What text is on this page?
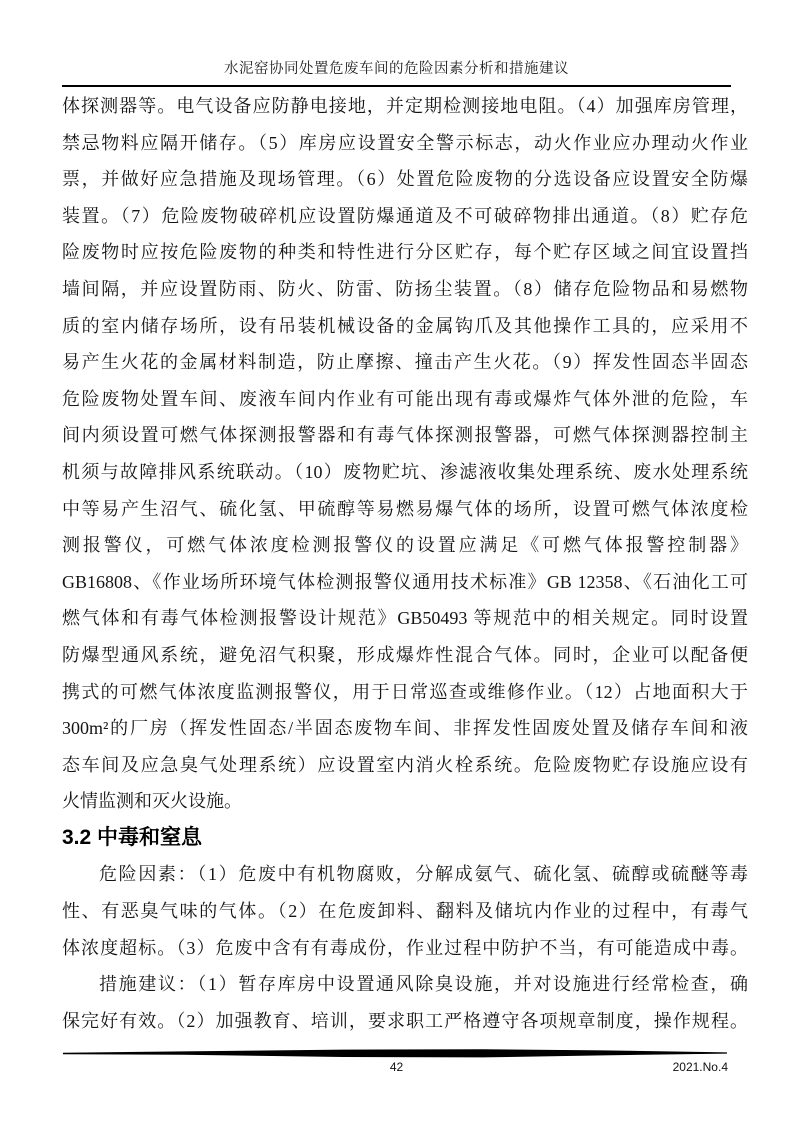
水泥窑协同处置危废车间的危险因素分析和措施建议
体探测器等。电气设备应防静电接地，并定期检测接地电阻。（4）加强库房管理，
禁忌物料应隔开储存。（5）库房应设置安全警示标志，动火作业应办理动火作业
票，并做好应急措施及现场管理。（6）处置危险废物的分选设备应设置安全防爆
装置。（7）危险废物破碎机应设置防爆通道及不可破碎物排出通道。（8）贮存危
险废物时应按危险废物的种类和特性进行分区贮存，每个贮存区域之间宜设置挡
墙间隔，并应设置防雨、防火、防雷、防扬尘装置。（8）储存危险物品和易燃物
质的室内储存场所，设有吊装机械设备的金属钩爪及其他操作工具的，应采用不
易产生火花的金属材料制造，防止摩擦、撞击产生火花。（9）挥发性固态半固态
危险废物处置车间、废液车间内作业有可能出现有毒或爆炸气体外泄的危险，车
间内须设置可燃气体探测报警器和有毒气体探测报警器，可燃气体探测器控制主
机须与故障排风系统联动。（10）废物贮坑、渗滤液收集处理系统、废水处理系统
中等易产生沼气、硫化氢、甲硫醇等易燃易爆气体的场所，设置可燃气体浓度检
测报警仪，可燃气体浓度检测报警仪的设置应满足《可燃气体报警控制器》
GB16808、《作业场所环境气体检测报警仪通用技术标准》GB 12358、《石油化工可
燃气体和有毒气体检测报警设计规范》GB50493 等规范中的相关规定。同时设置
防爆型通风系统，避免沼气积聚，形成爆炸性混合气体。同时，企业可以配备便
携式的可燃气体浓度监测报警仪，用于日常巡查或维修作业。（12）占地面积大于
300m²的厂房（挥发性固态/半固态废物车间、非挥发性固废处置及储存车间和液
态车间及应急臭气处理系统）应设置室内消火栓系统。危险废物贮存设施应设有
火情监测和灭火设施。
3.2 中毒和窒息
危险因素：（1）危废中有机物腐败，分解成氨气、硫化氢、硫醇或硫醚等毒
性、有恶臭气味的气体。（2）在危废卸料、翻料及储坑内作业的过程中，有毒气
体浓度超标。（3）危废中含有有毒成份，作业过程中防护不当，有可能造成中毒。
措施建议：（1）暂存库房中设置通风除臭设施，并对设施进行经常检查，确
保完好有效。（2）加强教育、培训，要求职工严格遵守各项规章制度，操作规程。
42	2021.No.4
